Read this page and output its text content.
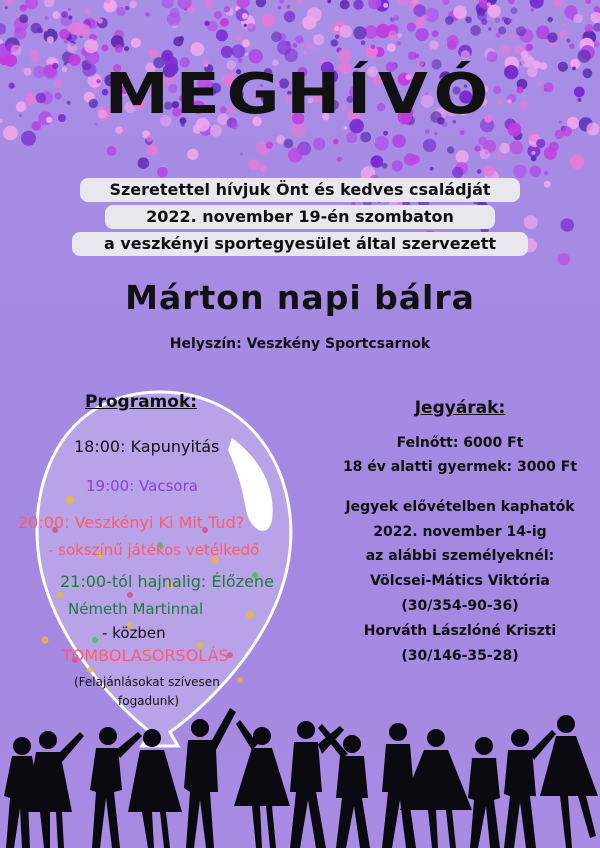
MEGHÍVÓ
Szeretettel hívjuk Önt és kedves családját
2022. november 19-én szombaton
a veszkényi sportegyesület által szervezett
Márton napi bálra
Helyszín: Veszkény Sportcsarnok
Programok:
18:00: Kapunyitás
19:00: Vacsora
20:00: Veszkényi Ki Mit Tud?
- sokszínű játékos vetélkedő
21:00-tól hajnalig: Élőzene
Németh Martinnal
- közben
TOMBOLASORSOLÁS
(Felajánlásokat szívesen
fogadunk)
Jegyárak:
Felnőtt: 6000 Ft
18 év alatti gyermek: 3000 Ft
Jegyek elővételben kaphatók
2022. november 14-ig
az alábbi személyeknél:
Völcsei-Mátics Viktória
(30/354-90-36)
Horváth Lászlóné Kriszti
(30/146-35-28)
